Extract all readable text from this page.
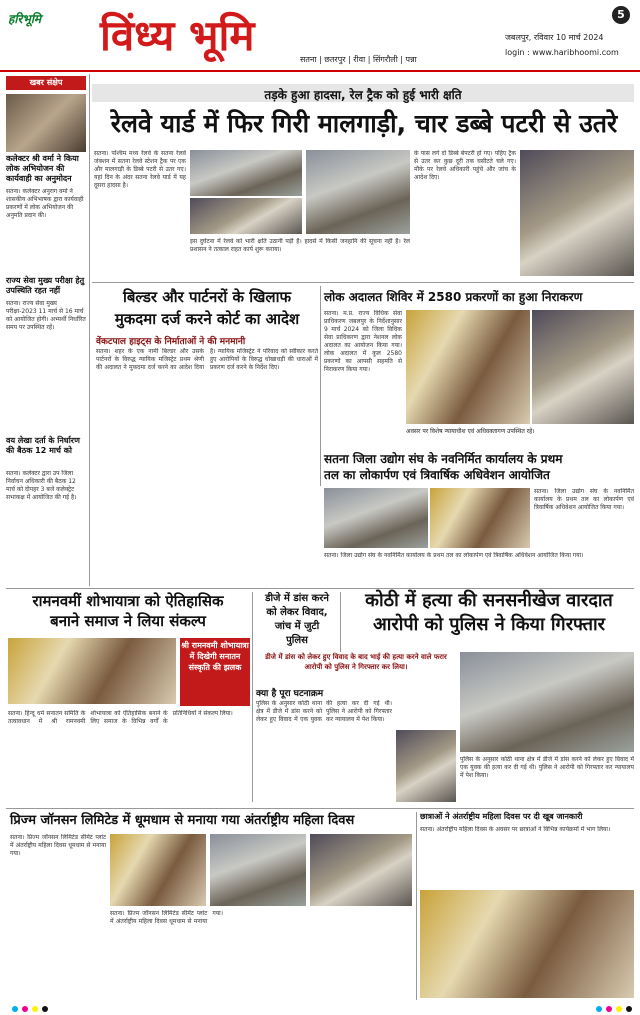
हरिभूमि विंध्य भूमि	सतना | छतरपुर | रीवा | सिंगरौली | पन्ना
जबलपुर, रविवार 10 मार्च 2024
login : www.haribhoomi.com
5
खबर संक्षेप
कलेक्टर श्री वर्मा ने किया लोक अभियोजन की कार्यवाही का अनुमोदन
सतना। कलेक्टर अनुराग वर्मा ने शासकीय अभिभाषक द्वारा कार्यवाही प्रकरणों में लोक अभियोजन की अनुमति प्रदान की।
राज्य सेवा मुख्य परीक्षा हेतु उपस्थिति रहत नहीं
सतना। राज्य सेवा मुख्य परीक्षा-2023 11 मार्च से 16 मार्च को आयोजित होगी। अभ्यर्थी निर्धारित समय पर उपस्थित रहें।
वय लेखा दर्ता के निर्धारण की बैठक 12 मार्च को
सतना। कलेक्टर द्वारा उप जिला निर्वाचन अधिकारी की बैठक 12 मार्च को दोपहर 3 बजे कलेक्ट्रेट सभाकक्ष में आयोजित की गई है।
तड़के हुआ हादसा, रेल ट्रैक को हुई भारी क्षति
रेलवे यार्ड में फिर गिरी मालगाड़ी, चार डब्बे पटरी से उतरे
सतना। पश्चिम मध्य रेलवे के सतना रेलवे जंक्शन में सतना रेलवे स्टेशन ट्रैक पर एक और मालगाड़ी के डिब्बे पटरी से उतर गए। यहां दिन के अंदर सतना रेलवे यार्ड में यह दूसरा हादसा है।
इस दुर्घटना में रेलवे को भारी क्षति उठानी पड़ी है। हादसे में किसी जनहानि की सूचना नहीं है। रेल प्रशासन ने तत्काल राहत कार्य शुरू कराया।
के पास लगे दो डिब्बे बेपटरी हो गए। पहिए ट्रैक से उतर कर कुछ दूरी तक घसीटते चले गए। मौके पर रेलवे अधिकारी पहुंचे और जांच के आदेश दिए।
बिल्डर और पार्टनरों के खिलाफ
मुकदमा दर्ज करने कोर्ट का आदेश
वेंकटपाल हाइट्स के निर्माताओं ने की मनमानी
सतना। शहर के एक नामी बिल्डर और उसके पार्टनरों के विरुद्ध न्यायिक मजिस्ट्रेट प्रथम श्रेणी की अदालत ने मुकदमा दर्ज करने का आदेश दिया है। न्यायिक मजिस्ट्रेट ने परिवाद को स्वीकार करते हुए आरोपियों के विरुद्ध धोखाधड़ी की धाराओं में प्रकरण दर्ज करने के निर्देश दिए।
लोक अदालत शिविर में 2580 प्रकरणों का हुआ निराकरण
सतना। म.प्र. राज्य विधिक सेवा प्राधिकरण जबलपुर के निर्देशानुसार 9 मार्च 2024 को जिला विधिक सेवा प्राधिकरण द्वारा नेशनल लोक अदालत का आयोजन किया गया। लोक अदालत में कुल 2580 प्रकरणों का आपसी सहमति से निराकरण किया गया।
अवसर पर विशेष न्यायाधीश एवं अधिवक्तागण उपस्थित रहे।
सतना जिला उद्योग संघ के नवनिर्मित कार्यालय के प्रथम
तल का लोकार्पण एवं त्रिवार्षिक अधिवेशन आयोजित
सतना। जिला उद्योग संघ के नवनिर्मित कार्यालय के प्रथम तल का लोकार्पण एवं त्रिवार्षिक अधिवेशन आयोजित किया गया।
सतना। जिला उद्योग संघ के नवनिर्मित कार्यालय के प्रथम तल का लोकार्पण एवं त्रिवार्षिक अधिवेशन आयोजित किया गया।
रामनवमीं शोभायात्रा को ऐतिहासिक
बनाने समाज ने लिया संकल्प
श्री रामनवमी शोभायात्रा में दिखेगी सनातन संस्कृति की झलक
सतना। हिन्दू धर्म सनातन समिति के तत्वावधान में श्री रामनवमी शोभायात्रा को ऐतिहासिक बनाने के लिए समाज के विभिन्न वर्गों के प्रतिनिधियों ने संकल्प लिया।
डीजे में डांस करने
को लेकर विवाद,
जांच में जुटी
पुलिस
कोठी में हत्या की सनसनीखेज वारदात
आरोपी को पुलिस ने किया गिरफ्तार
डीजे में डांस को लेकर हुए विवाद के बाद भाई की हत्या करने वाले फरार आरोपी को पुलिस ने गिरफ्तार कर लिया।
क्या है पूरा घटनाक्रम
पुलिस के अनुसार कोठी थाना क्षेत्र में डीजे में डांस करने को लेकर हुए विवाद में एक युवक की हत्या कर दी गई थी। पुलिस ने आरोपी को गिरफ्तार कर न्यायालय में पेश किया।
पुलिस के अनुसार कोठी थाना क्षेत्र में डीजे में डांस करने को लेकर हुए विवाद में एक युवक की हत्या कर दी गई थी। पुलिस ने आरोपी को गिरफ्तार कर न्यायालय में पेश किया।
प्रिज्म जॉनसन लिमिटेड में धूमधाम से मनाया गया अंतर्राष्ट्रीय महिला दिवस
सतना। प्रिज्म जॉनसन लिमिटेड सीमेंट प्लांट में अंतर्राष्ट्रीय महिला दिवस धूमधाम से मनाया गया।
सतना। प्रिज्म जॉनसन लिमिटेड सीमेंट प्लांट में अंतर्राष्ट्रीय महिला दिवस धूमधाम से मनाया गया।
छात्राओं ने अंतर्राष्ट्रीय महिला दिवस पर दी खूब जानकारी
सतना। अंतर्राष्ट्रीय महिला दिवस के अवसर पर छात्राओं ने विभिन्न कार्यक्रमों में भाग लिया।
